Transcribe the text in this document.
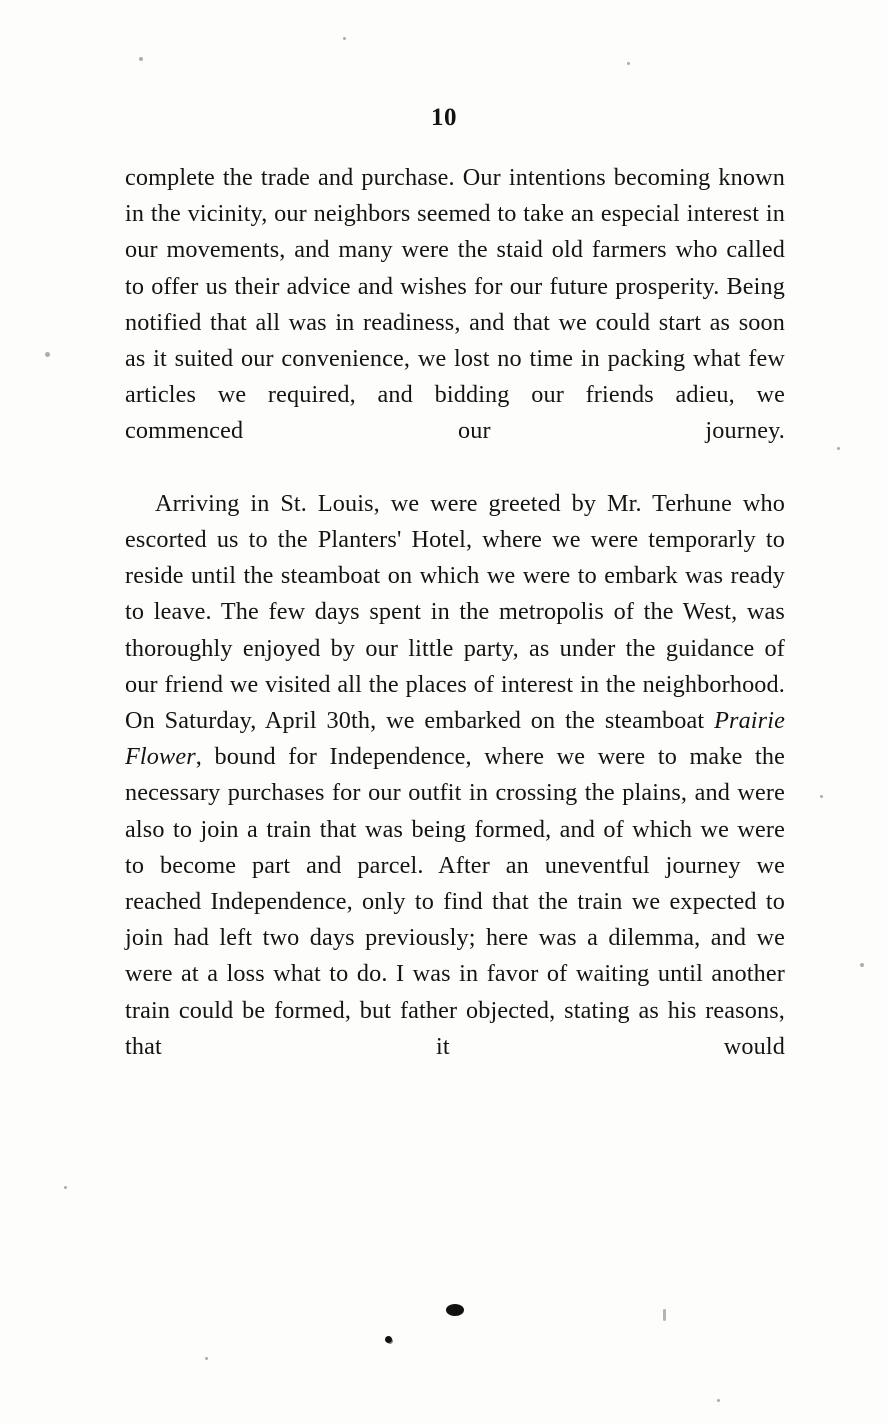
10

complete the trade and purchase. Our intentions becoming known in the vicinity, our neighbors seemed to take an especial interest in our movements, and many were the staid old farmers who called to offer us their advice and wishes for our future prosperity. Being notified that all was in readiness, and that we could start as soon as it suited our convenience, we lost no time in packing what few articles we required, and bidding our friends adieu, we commenced our journey.

Arriving in St. Louis, we were greeted by Mr. Terhune who escorted us to the Planters' Hotel, where we were temporarly to reside until the steamboat on which we were to embark was ready to leave. The few days spent in the metropolis of the West, was thoroughly enjoyed by our little party, as under the guidance of our friend we visited all the places of interest in the neighborhood. On Saturday, April 30th, we embarked on the steamboat Prairie Flower, bound for Independence, where we were to make the necessary purchases for our outfit in crossing the plains, and were also to join a train that was being formed, and of which we were to become part and parcel. After an uneventful journey we reached Independence, only to find that the train we expected to join had left two days previously; here was a dilemma, and we were at a loss what to do. I was in favor of waiting until another train could be formed, but father objected, stating as his reasons, that it would
